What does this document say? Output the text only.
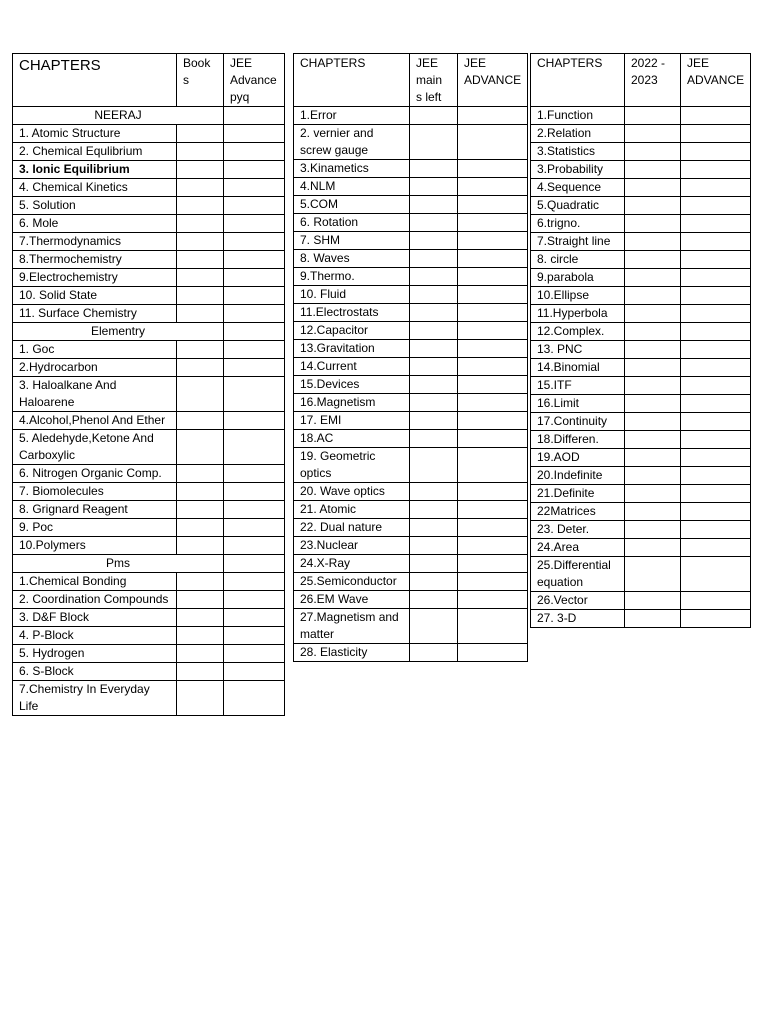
CHAPTERS	Book s	JEE Advance pyq
NEERAJ		
1. Atomic Structure		
2. Chemical Equlibrium		
3. Ionic Equilibrium		
4. Chemical Kinetics		
5. Solution		
6. Mole		
7.Thermodynamics		
8.Thermochemistry		
9.Electrochemistry		
10. Solid State		
11. Surface Chemistry		
Elementry		
1. Goc		
2.Hydrocarbon		
3. Haloalkane And Haloarene		
4.Alcohol,Phenol And Ether		
5. Aledehyde,Ketone And Carboxylic		
6. Nitrogen Organic Comp.		
7. Biomolecules		
8. Grignard Reagent		
9. Poc		
10.Polymers		
Pms		
1.Chemical Bonding		
2. Coordination Compounds		
3. D&F Block		
4. P-Block		
5. Hydrogen		
6. S-Block		
7.Chemistry In Everyday Life		
CHAPTERS	JEE main s left	JEE ADVANCE
1.Error		
2. vernier and screw gauge		
3.Kinametics		
4.NLM		
5.COM		
6. Rotation		
7. SHM		
8. Waves		
9.Thermo.		
10. Fluid		
11.Electrostats		
12.Capacitor		
13.Gravitation		
14.Current		
15.Devices		
16.Magnetism		
17. EMI		
18.AC		
19. Geometric optics		
20. Wave optics		
21. Atomic		
22. Dual nature		
23.Nuclear		
24.X-Ray		
25.Semiconductor		
26.EM Wave		
27.Magnetism and matter		
28. Elasticity		
CHAPTERS	2022 - 2023	JEE ADVANCE
1.Function		
2.Relation		
3.Statistics		
3.Probability		
4.Sequence		
5.Quadratic		
6.trigno.		
7.Straight line		
8. circle		
9.parabola		
10.Ellipse		
11.Hyperbola		
12.Complex.		
13. PNC		
14.Binomial		
15.ITF		
16.Limit		
17.Continuity		
18.Differen.		
19.AOD		
20.Indefinite		
21.Definite		
22Matrices		
23. Deter.		
24.Area		
25.Differential equation		
26.Vector		
27. 3-D		
